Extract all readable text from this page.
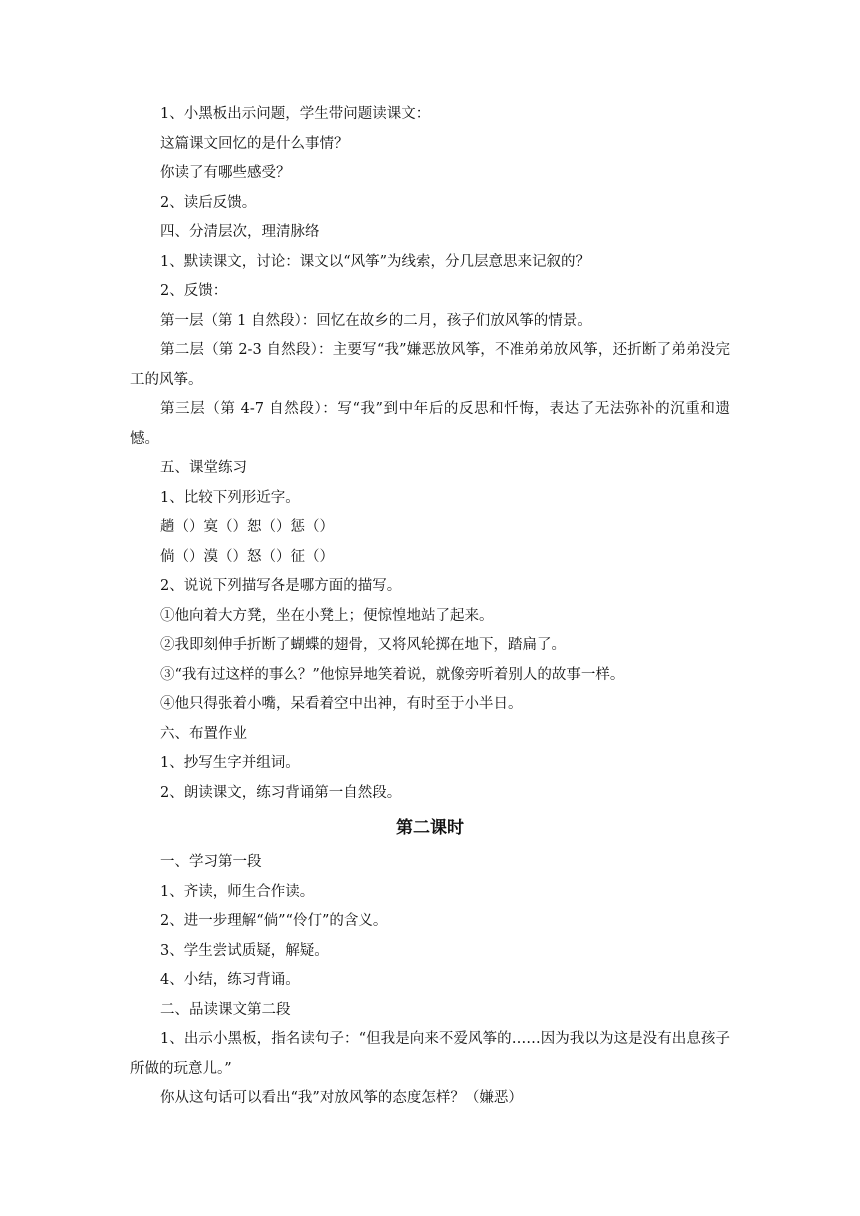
1、小黑板出示问题，学生带问题读课文：

这篇课文回忆的是什么事情？

你读了有哪些感受？

2、读后反馈。

四、分清层次，理清脉络

1、默读课文，讨论：课文以“风筝”为线索，分几层意思来记叙的？

2、反馈：

第一层（第 1 自然段）：回忆在故乡的二月，孩子们放风筝的情景。

第二层（第 2-3 自然段）：主要写“我”嫌恶放风筝，不准弟弟放风筝，还折断了弟弟没完工的风筝。

第三层（第 4-7 自然段）：写“我”到中年后的反思和忏悔，表达了无法弥补的沉重和遗憾。

五、课堂练习

1、比较下列形近字。

趟（）寞（）恕（）惩（）

倘（）漠（）怒（）征（）

2、说说下列描写各是哪方面的描写。

①他向着大方凳，坐在小凳上；便惊惶地站了起来。

②我即刻伸手折断了蝴蝶的翅骨，又将风轮掷在地下，踏扁了。

③“我有过这样的事么？”他惊异地笑着说，就像旁听着别人的故事一样。

④他只得张着小嘴，呆看着空中出神，有时至于小半日。

六、布置作业

1、抄写生字并组词。

2、朗读课文，练习背诵第一自然段。

第二课时

一、学习第一段

1、齐读，师生合作读。

2、进一步理解“倘”“伶仃”的含义。

3、学生尝试质疑，解疑。

4、小结，练习背诵。

二、品读课文第二段

1、出示小黑板，指名读句子：“但我是向来不爱风筝的……因为我以为这是没有出息孩子所做的玩意儿。”

你从这句话可以看出“我”对放风筝的态度怎样？（嫌恶）
